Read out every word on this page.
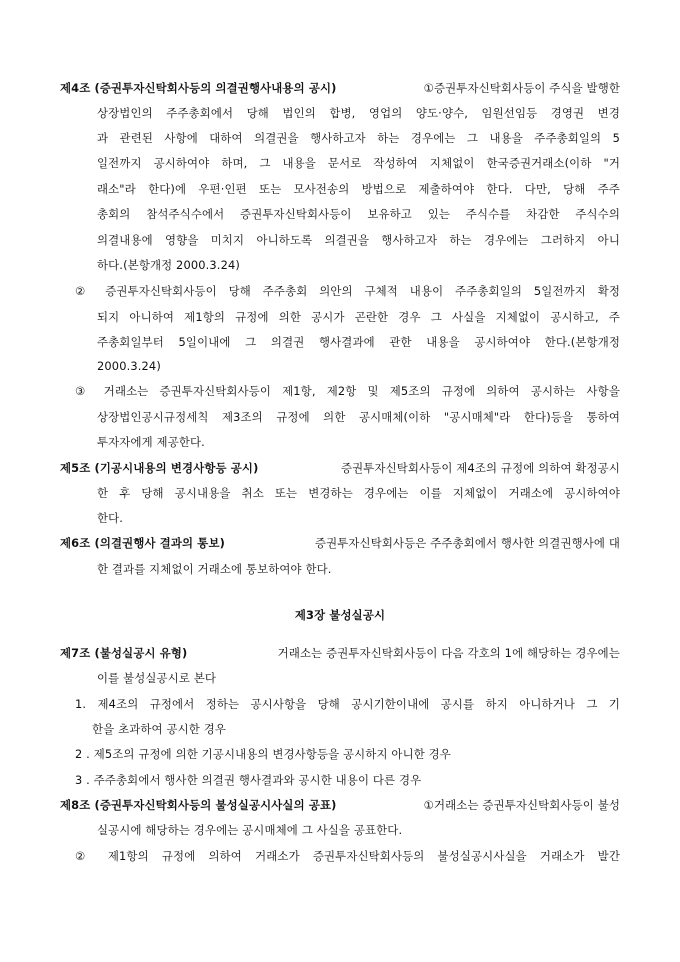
제4조 (증권투자신탁회사등의 의결권행사내용의 공시)	①증권투자신탁회사등이 주식을 발행한
상장법인의 주주총회에서 당해 법인의 합병, 영업의 양도·양수, 임원선임등 경영권 변경
과 관련된 사항에 대하여 의결권을 행사하고자 하는 경우에는 그 내용을 주주총회일의 5
일전까지 공시하여야 하며, 그 내용을 문서로 작성하여 지체없이 한국증권거래소(이하 "거
래소"라 한다)에 우편·인편 또는 모사전송의 방법으로 제출하여야 한다. 다만, 당해 주주
총회의 참석주식수에서 증권투자신탁회사등이 보유하고 있는 주식수를 차감한 주식수의
의결내용에 영향을 미치지 아니하도록 의결권을 행사하고자 하는 경우에는 그러하지 아니
하다.(본항개정 2000.3.24)
② 증권투자신탁회사등이 당해 주주총회 의안의 구체적 내용이 주주총회일의 5일전까지 확정
되지 아니하여 제1항의 규정에 의한 공시가 곤란한 경우 그 사실을 지체없이 공시하고, 주
주총회일부터 5일이내에 그 의결권 행사결과에 관한 내용을 공시하여야 한다.(본항개정
2000.3.24)
③ 거래소는 증권투자신탁회사등이 제1항, 제2항 및 제5조의 규정에 의하여 공시하는 사항을
상장법인공시규정세칙 제3조의 규정에 의한 공시매체(이하 "공시매체"라 한다)등을 통하여
투자자에게 제공한다.
제5조 (기공시내용의 변경사항등 공시)	증권투자신탁회사등이 제4조의 규정에 의하여 확정공시
한 후 당해 공시내용을 취소 또는 변경하는 경우에는 이를 지체없이 거래소에 공시하여야
한다.
제6조 (의결권행사 결과의 통보)	증권투자신탁회사등은 주주총회에서 행사한 의결권행사에 대
한 결과를 지체없이 거래소에 통보하여야 한다.
제3장 불성실공시
제7조 (불성실공시 유형)	거래소는 증권투자신탁회사등이 다음 각호의 1에 해당하는 경우에는
이를 불성실공시로 본다
1. 제4조의 규정에서 정하는 공시사항을 당해 공시기한이내에 공시를 하지 아니하거나 그 기
한을 초과하여 공시한 경우
2 . 제5조의 규정에 의한 기공시내용의 변경사항등을 공시하지 아니한 경우
3 . 주주총회에서 행사한 의결권 행사결과와 공시한 내용이 다른 경우
제8조 (증권투자신탁회사등의 불성실공시사실의 공표)	①거래소는 증권투자신탁회사등이 불성
실공시에 해당하는 경우에는 공시매체에 그 사실을 공표한다.
② 제1항의 규정에 의하여 거래소가 증권투자신탁회사등의 불성실공시사실을 거래소가 발간
